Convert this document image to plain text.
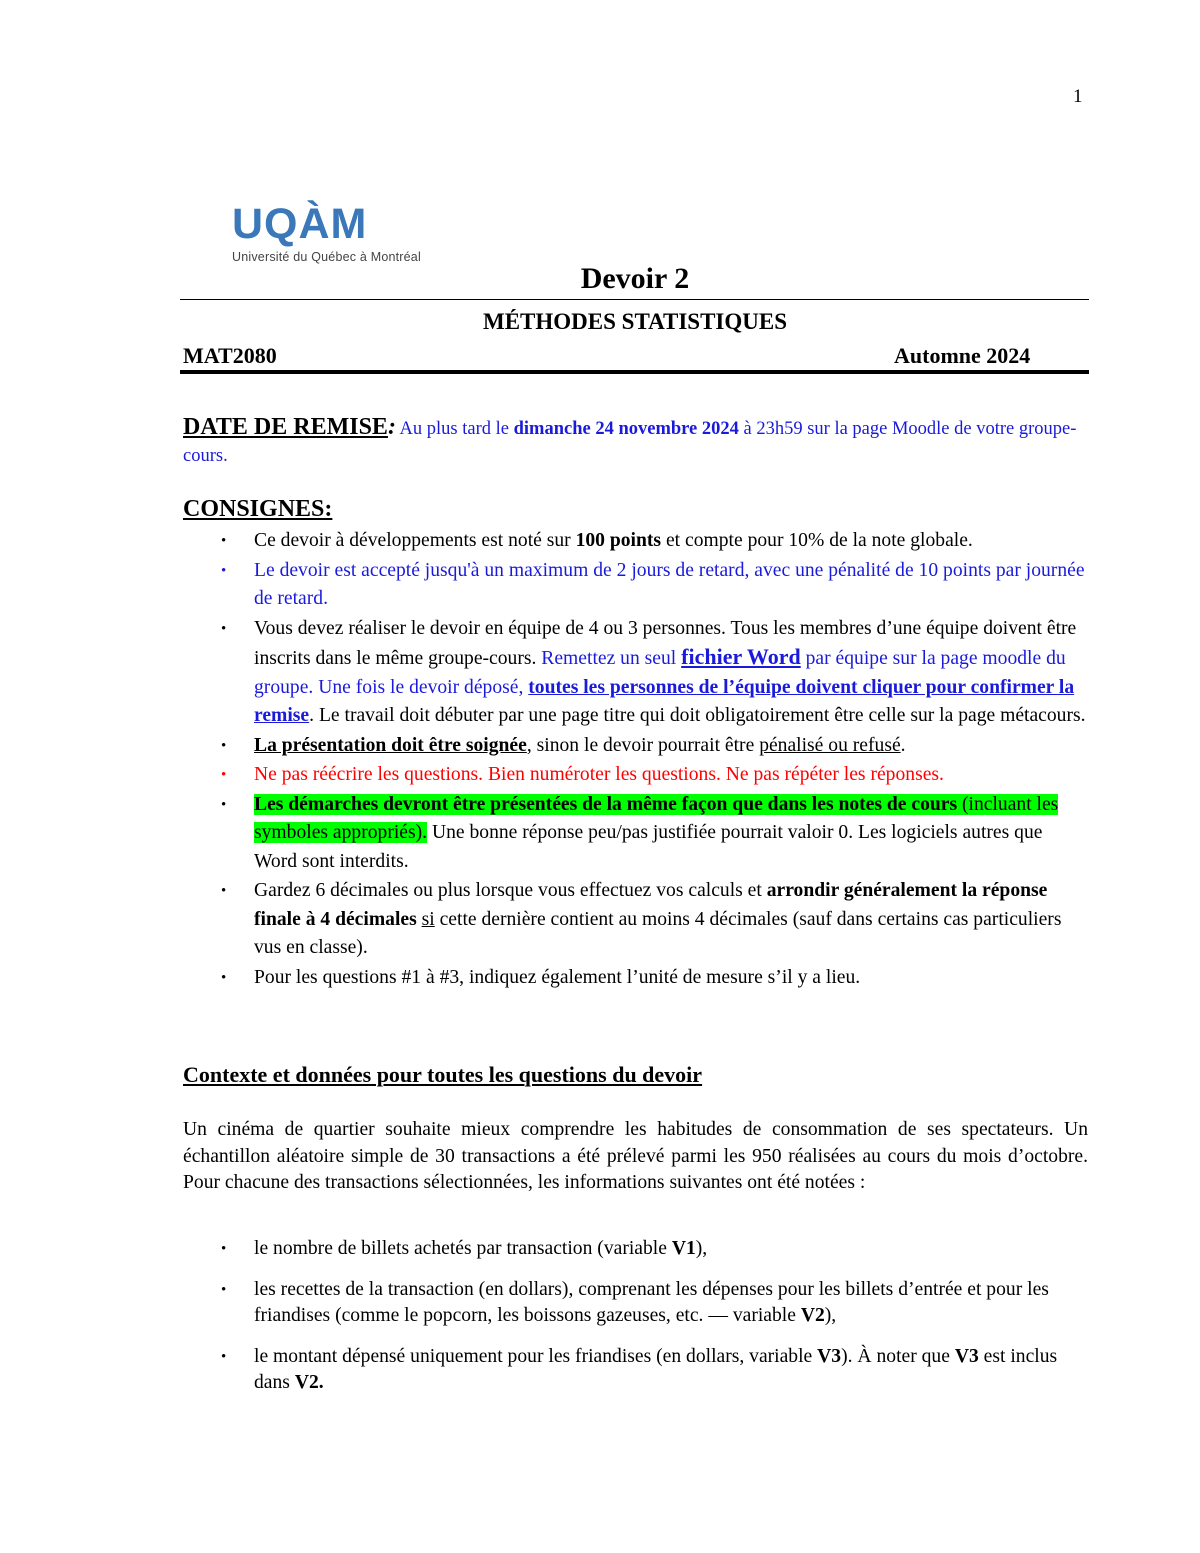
1
UQÀM
Université du Québec à Montréal
Devoir 2
MÉTHODES STATISTIQUES
MAT2080	Automne 2024
DATE DE REMISE: Au plus tard le dimanche 24 novembre 2024 à 23h59 sur la page Moodle de votre groupe-cours.
CONSIGNES:
• Ce devoir à développements est noté sur 100 points et compte pour 10% de la note globale.
• Le devoir est accepté jusqu'à un maximum de 2 jours de retard, avec une pénalité de 10 points par journée de retard.
• Vous devez réaliser le devoir en équipe de 4 ou 3 personnes. Tous les membres d’une équipe doivent être inscrits dans le même groupe-cours. Remettez un seul fichier Word par équipe sur la page moodle du groupe. Une fois le devoir déposé, toutes les personnes de l’équipe doivent cliquer pour confirmer la remise. Le travail doit débuter par une page titre qui doit obligatoirement être celle sur la page métacours.
• La présentation doit être soignée, sinon le devoir pourrait être pénalisé ou refusé.
• Ne pas réécrire les questions. Bien numéroter les questions. Ne pas répéter les réponses.
• Les démarches devront être présentées de la même façon que dans les notes de cours (incluant les symboles appropriés). Une bonne réponse peu/pas justifiée pourrait valoir 0. Les logiciels autres que Word sont interdits.
• Gardez 6 décimales ou plus lorsque vous effectuez vos calculs et arrondir généralement la réponse finale à 4 décimales si cette dernière contient au moins 4 décimales (sauf dans certains cas particuliers vus en classe).
• Pour les questions #1 à #3, indiquez également l’unité de mesure s’il y a lieu.
Contexte et données pour toutes les questions du devoir
Un cinéma de quartier souhaite mieux comprendre les habitudes de consommation de ses spectateurs. Un échantillon aléatoire simple de 30 transactions a été prélevé parmi les 950 réalisées au cours du mois d’octobre. Pour chacune des transactions sélectionnées, les informations suivantes ont été notées :
• le nombre de billets achetés par transaction (variable V1),
• les recettes de la transaction (en dollars), comprenant les dépenses pour les billets d’entrée et pour les friandises (comme le popcorn, les boissons gazeuses, etc. — variable V2),
• le montant dépensé uniquement pour les friandises (en dollars, variable V3). À noter que V3 est inclus dans V2.
